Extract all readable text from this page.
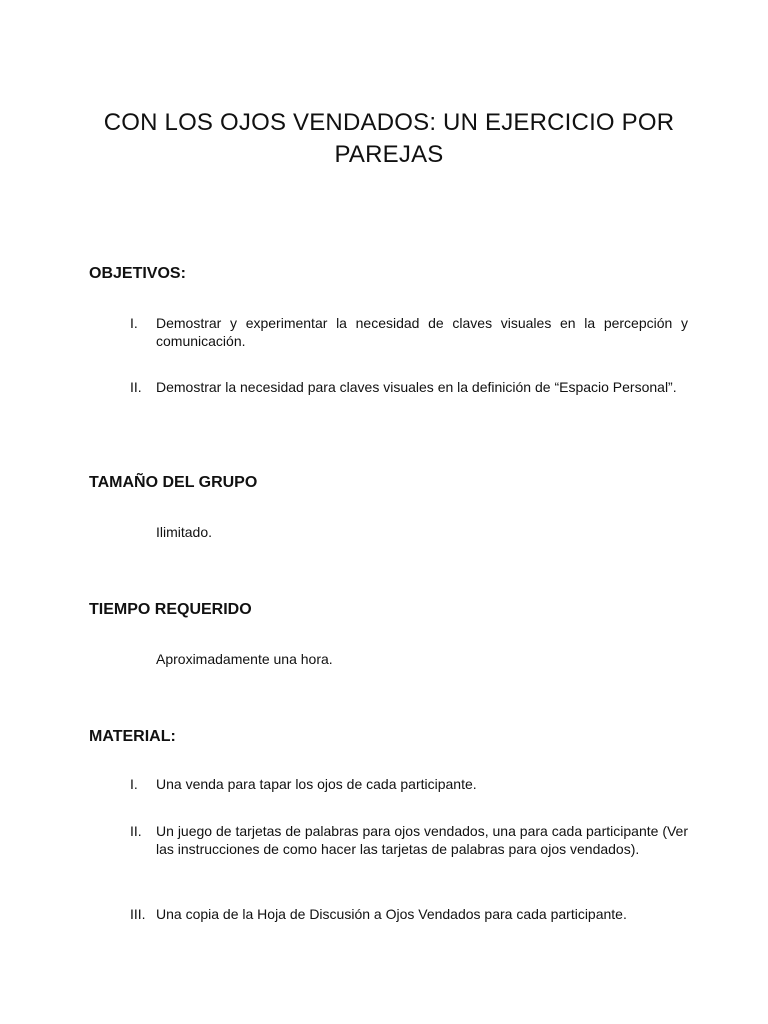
CON LOS OJOS VENDADOS: UN EJERCICIO POR
PAREJAS
OBJETIVOS:
I.	Demostrar y experimentar la necesidad de claves visuales en la percepción y comunicación.
II.	Demostrar la necesidad para claves visuales en la definición de “Espacio Personal”.
TAMAÑO DEL GRUPO
Ilimitado.
TIEMPO REQUERIDO
Aproximadamente una hora.
MATERIAL:
I.	Una venda para tapar los ojos de cada participante.
II.	Un juego de tarjetas de palabras para ojos vendados, una para cada participante (Ver las instrucciones de como hacer las tarjetas de palabras para ojos vendados).
III. Una copia de la Hoja de Discusión a Ojos Vendados para cada participante.
